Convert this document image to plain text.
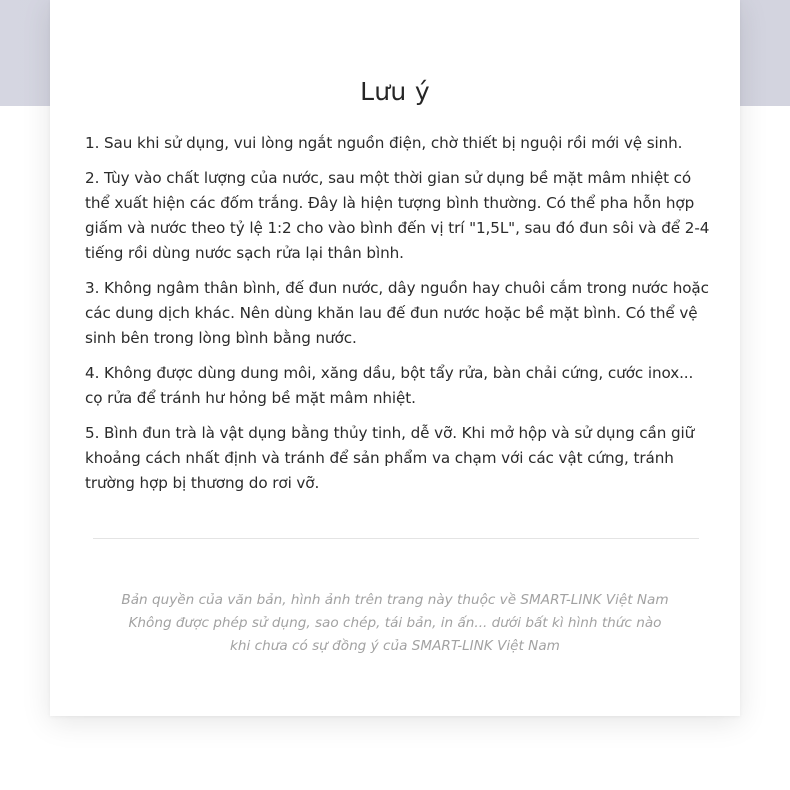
Lưu ý

1. Sau khi sử dụng, vui lòng ngắt nguồn điện, chờ thiết bị nguội rồi mới vệ sinh.

2. Tùy vào chất lượng của nước, sau một thời gian sử dụng bề mặt mâm nhiệt có thể xuất hiện các đốm trắng. Đây là hiện tượng bình thường. Có thể pha hỗn hợp giấm và nước theo tỷ lệ 1:2 cho vào bình đến vị trí "1,5L", sau đó đun sôi và để 2-4 tiếng rồi dùng nước sạch rửa lại thân bình.

3. Không ngâm thân bình, đế đun nước, dây nguồn hay chuôi cắm trong nước hoặc các dung dịch khác. Nên dùng khăn lau đế đun nước hoặc bề mặt bình. Có thể vệ sinh bên trong lòng bình bằng nước.

4. Không được dùng dung môi, xăng dầu, bột tẩy rửa, bàn chải cứng, cước inox... cọ rửa để tránh hư hỏng bề mặt mâm nhiệt.

5. Bình đun trà là vật dụng bằng thủy tinh, dễ vỡ. Khi mở hộp và sử dụng cần giữ khoảng cách nhất định và tránh để sản phẩm va chạm với các vật cứng, tránh trường hợp bị thương do rơi vỡ.

Bản quyền của văn bản, hình ảnh trên trang này thuộc về SMART-LINK Việt Nam
Không được phép sử dụng, sao chép, tái bản, in ấn... dưới bất kì hình thức nào
khi chưa có sự đồng ý của SMART-LINK Việt Nam
